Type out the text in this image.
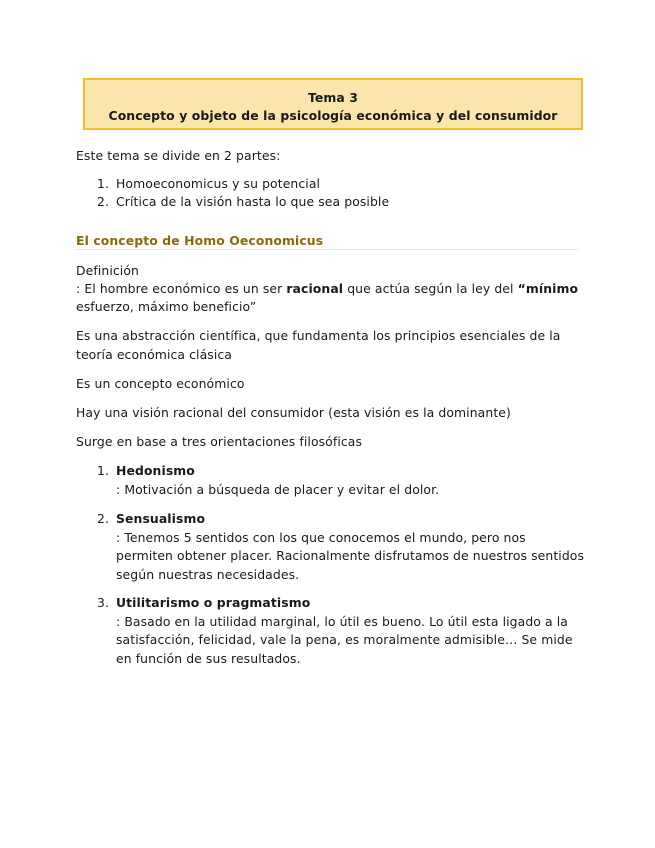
Tema 3
Concepto y objeto de la psicología económica y del consumidor
Este tema se divide en 2 partes:
1. Homoeconomicus y su potencial
2. Crítica de la visión hasta lo que sea posible
El concepto de Homo Oeconomicus
Definición
: El hombre económico es un ser racional que actúa según la ley del “mínimo
esfuerzo, máximo beneficio”
Es una abstracción científica, que fundamenta los principios esenciales de la
teoría económica clásica
Es un concepto económico
Hay una visión racional del consumidor (esta visión es la dominante)
Surge en base a tres orientaciones filosóficas
1. Hedonismo
: Motivación a búsqueda de placer y evitar el dolor.
2. Sensualismo
: Tenemos 5 sentidos con los que conocemos el mundo, pero nos
permiten obtener placer. Racionalmente disfrutamos de nuestros sentidos
según nuestras necesidades.
3. Utilitarismo o pragmatismo
: Basado en la utilidad marginal, lo útil es bueno. Lo útil esta ligado a la
satisfacción, felicidad, vale la pena, es moralmente admisible… Se mide
en función de sus resultados.
